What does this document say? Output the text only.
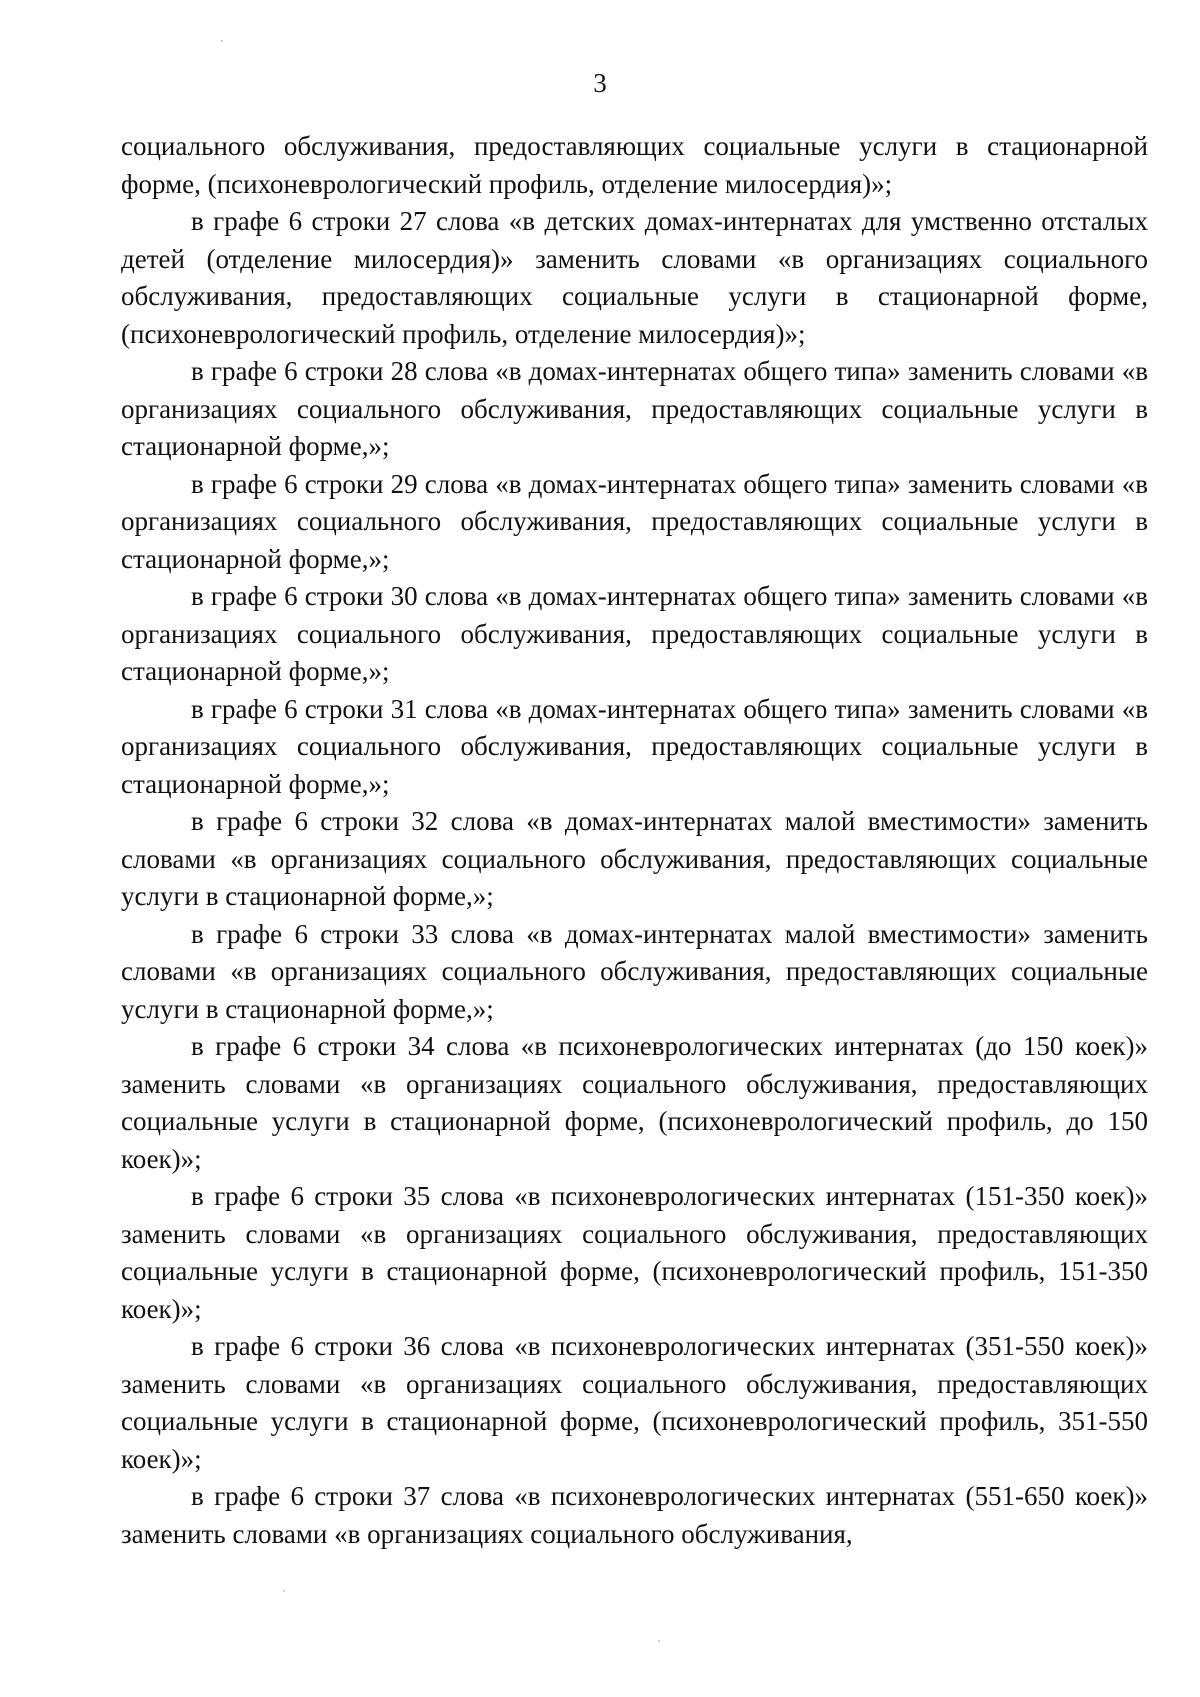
3

социального обслуживания, предоставляющих социальные услуги в стационарной форме, (психоневрологический профиль, отделение милосердия)»;

в графе 6 строки 27 слова «в детских домах-интернатах для умственно отсталых детей (отделение милосердия)» заменить словами «в организациях социального обслуживания, предоставляющих социальные услуги в стационарной форме, (психоневрологический профиль, отделение милосердия)»;

в графе 6 строки 28 слова «в домах-интернатах общего типа» заменить словами «в организациях социального обслуживания, предоставляющих социальные услуги в стационарной форме,»;

в графе 6 строки 29 слова «в домах-интернатах общего типа» заменить словами «в организациях социального обслуживания, предоставляющих социальные услуги в стационарной форме,»;

в графе 6 строки 30 слова «в домах-интернатах общего типа» заменить словами «в организациях социального обслуживания, предоставляющих социальные услуги в стационарной форме,»;

в графе 6 строки 31 слова «в домах-интернатах общего типа» заменить словами «в организациях социального обслуживания, предоставляющих социальные услуги в стационарной форме,»;

в графе 6 строки 32 слова «в домах-интернатах малой вместимости» заменить словами «в организациях социального обслуживания, предоставляющих социальные услуги в стационарной форме,»;

в графе 6 строки 33 слова «в домах-интернатах малой вместимости» заменить словами «в организациях социального обслуживания, предоставляющих социальные услуги в стационарной форме,»;

в графе 6 строки 34 слова «в психоневрологических интернатах (до 150 коек)» заменить словами «в организациях социального обслуживания, предоставляющих социальные услуги в стационарной форме, (психоневрологический профиль, до 150 коек)»;

в графе 6 строки 35 слова «в психоневрологических интернатах (151-350 коек)» заменить словами «в организациях социального обслуживания, предоставляющих социальные услуги в стационарной форме, (психоневрологический профиль, 151-350 коек)»;

в графе 6 строки 36 слова «в психоневрологических интернатах (351-550 коек)» заменить словами «в организациях социального обслуживания, предоставляющих социальные услуги в стационарной форме, (психоневрологический профиль, 351-550 коек)»;

в графе 6 строки 37 слова «в психоневрологических интернатах (551-650 коек)» заменить словами «в организациях социального обслуживания,
